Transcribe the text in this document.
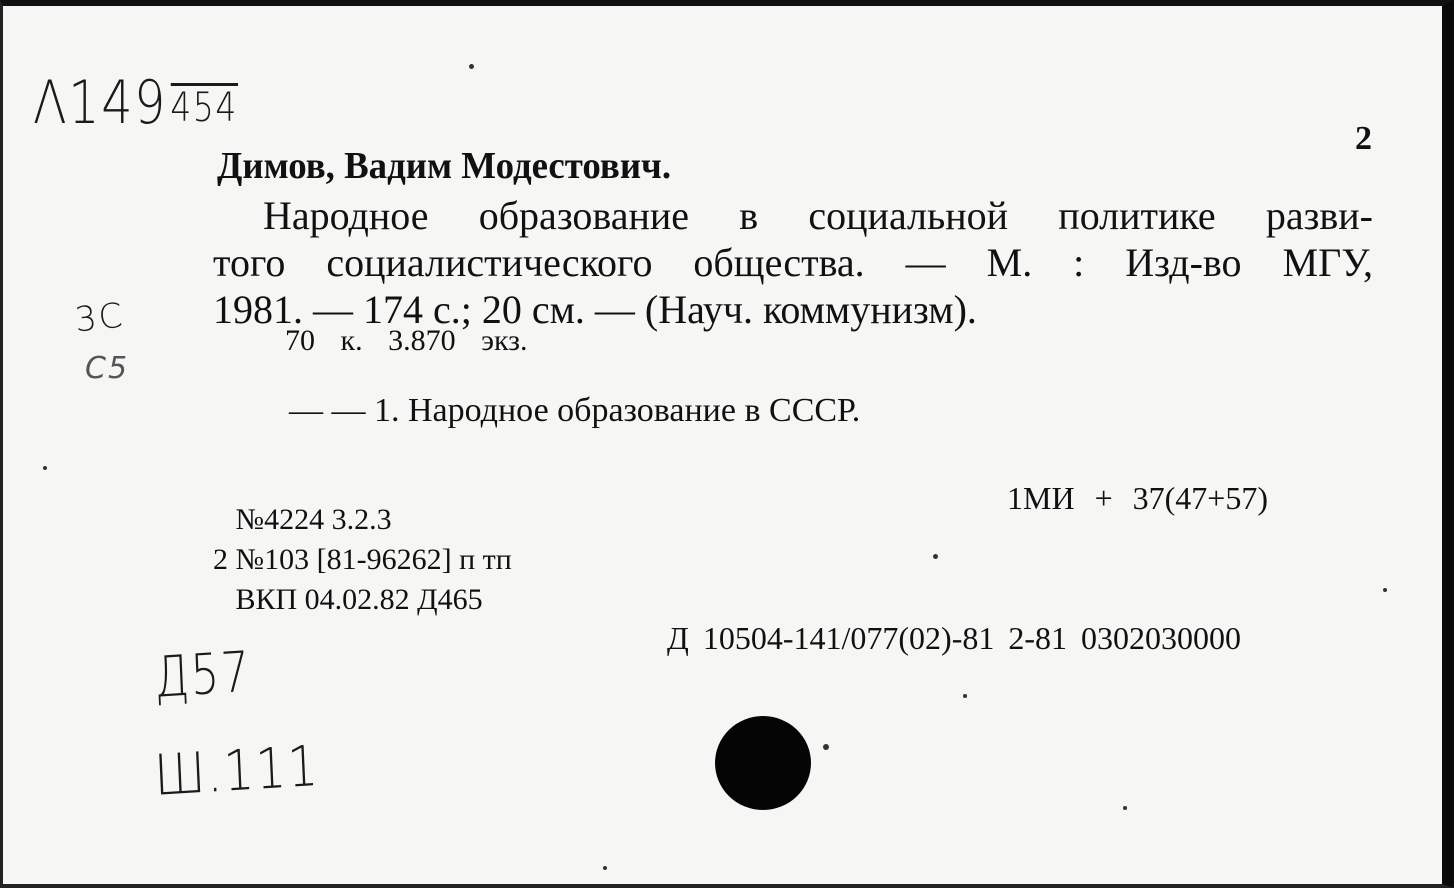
Λ149454
2
Димов, Вадим Модестович.
Народное образование в социальной политике разви-
того социалистического общества. — М. : Изд-во МГУ,
1981. — 174 с.; 20 см. — (Науч. коммунизм).
70 к. 3.870 экз.
— — 1. Народное образование в СССР.
1МИ + 37(47+57)
№4224 3.2.3
2 №103 [81-96262] п тп
ВКП 04.02.82 Д465
Д 10504-141/077(02)-81 2-81 0302030000
3С
С5
Д57
Ш.111
